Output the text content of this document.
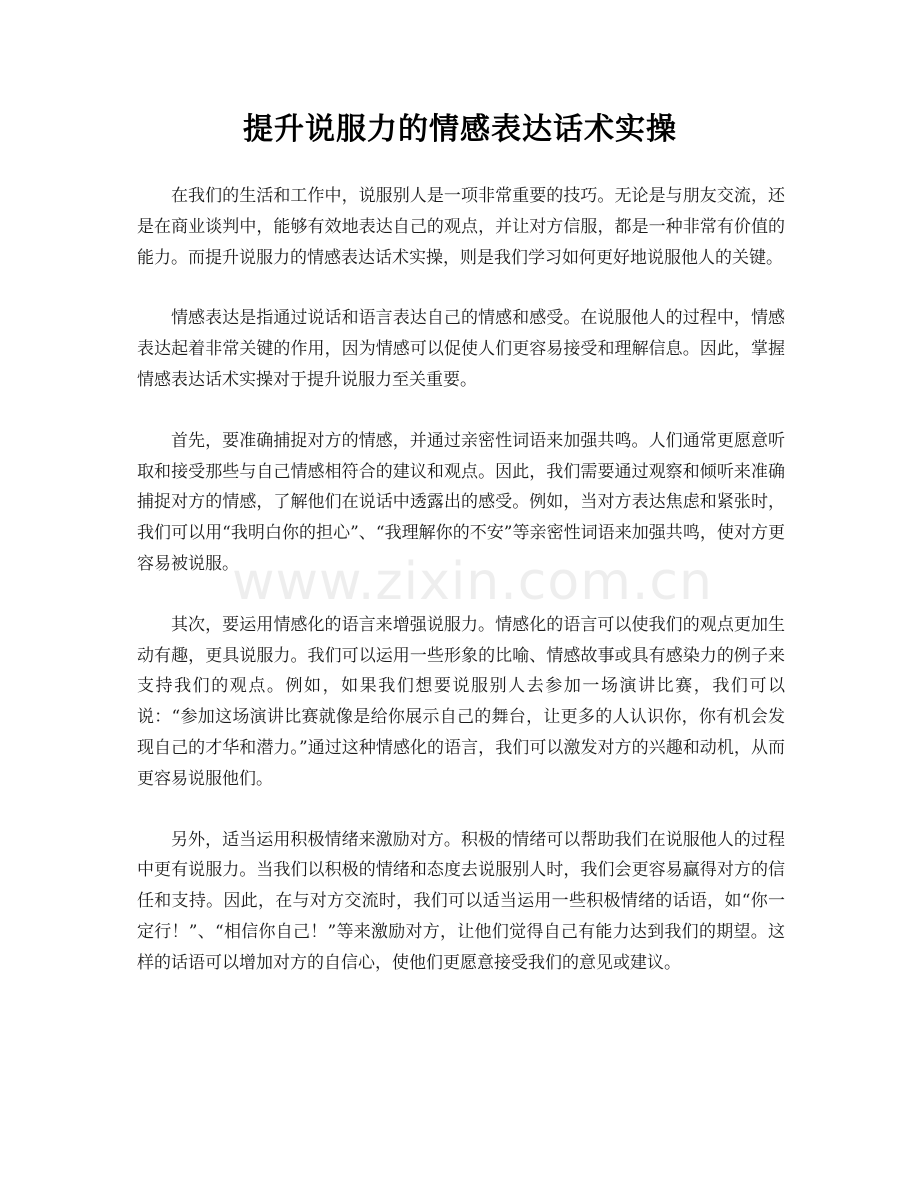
提升说服力的情感表达话术实操

在我们的生活和工作中，说服别人是一项非常重要的技巧。无论是与朋友交流，还是在商业谈判中，能够有效地表达自己的观点，并让对方信服，都是一种非常有价值的能力。而提升说服力的情感表达话术实操，则是我们学习如何更好地说服他人的关键。

情感表达是指通过说话和语言表达自己的情感和感受。在说服他人的过程中，情感表达起着非常关键的作用，因为情感可以促使人们更容易接受和理解信息。因此，掌握情感表达话术实操对于提升说服力至关重要。

首先，要准确捕捉对方的情感，并通过亲密性词语来加强共鸣。人们通常更愿意听取和接受那些与自己情感相符合的建议和观点。因此，我们需要通过观察和倾听来准确捕捉对方的情感，了解他们在说话中透露出的感受。例如，当对方表达焦虑和紧张时，我们可以用“我明白你的担心”、“我理解你的不安”等亲密性词语来加强共鸣，使对方更容易被说服。

其次，要运用情感化的语言来增强说服力。情感化的语言可以使我们的观点更加生动有趣，更具说服力。我们可以运用一些形象的比喻、情感故事或具有感染力的例子来支持我们的观点。例如，如果我们想要说服别人去参加一场演讲比赛，我们可以说：“参加这场演讲比赛就像是给你展示自己的舞台，让更多的人认识你，你有机会发现自己的才华和潜力。”通过这种情感化的语言，我们可以激发对方的兴趣和动机，从而更容易说服他们。

另外，适当运用积极情绪来激励对方。积极的情绪可以帮助我们在说服他人的过程中更有说服力。当我们以积极的情绪和态度去说服别人时，我们会更容易赢得对方的信任和支持。因此，在与对方交流时，我们可以适当运用一些积极情绪的话语，如“你一定行！”、“相信你自己！”等来激励对方，让他们觉得自己有能力达到我们的期望。这样的话语可以增加对方的自信心，使他们更愿意接受我们的意见或建议。

www.zixin.com.cn
